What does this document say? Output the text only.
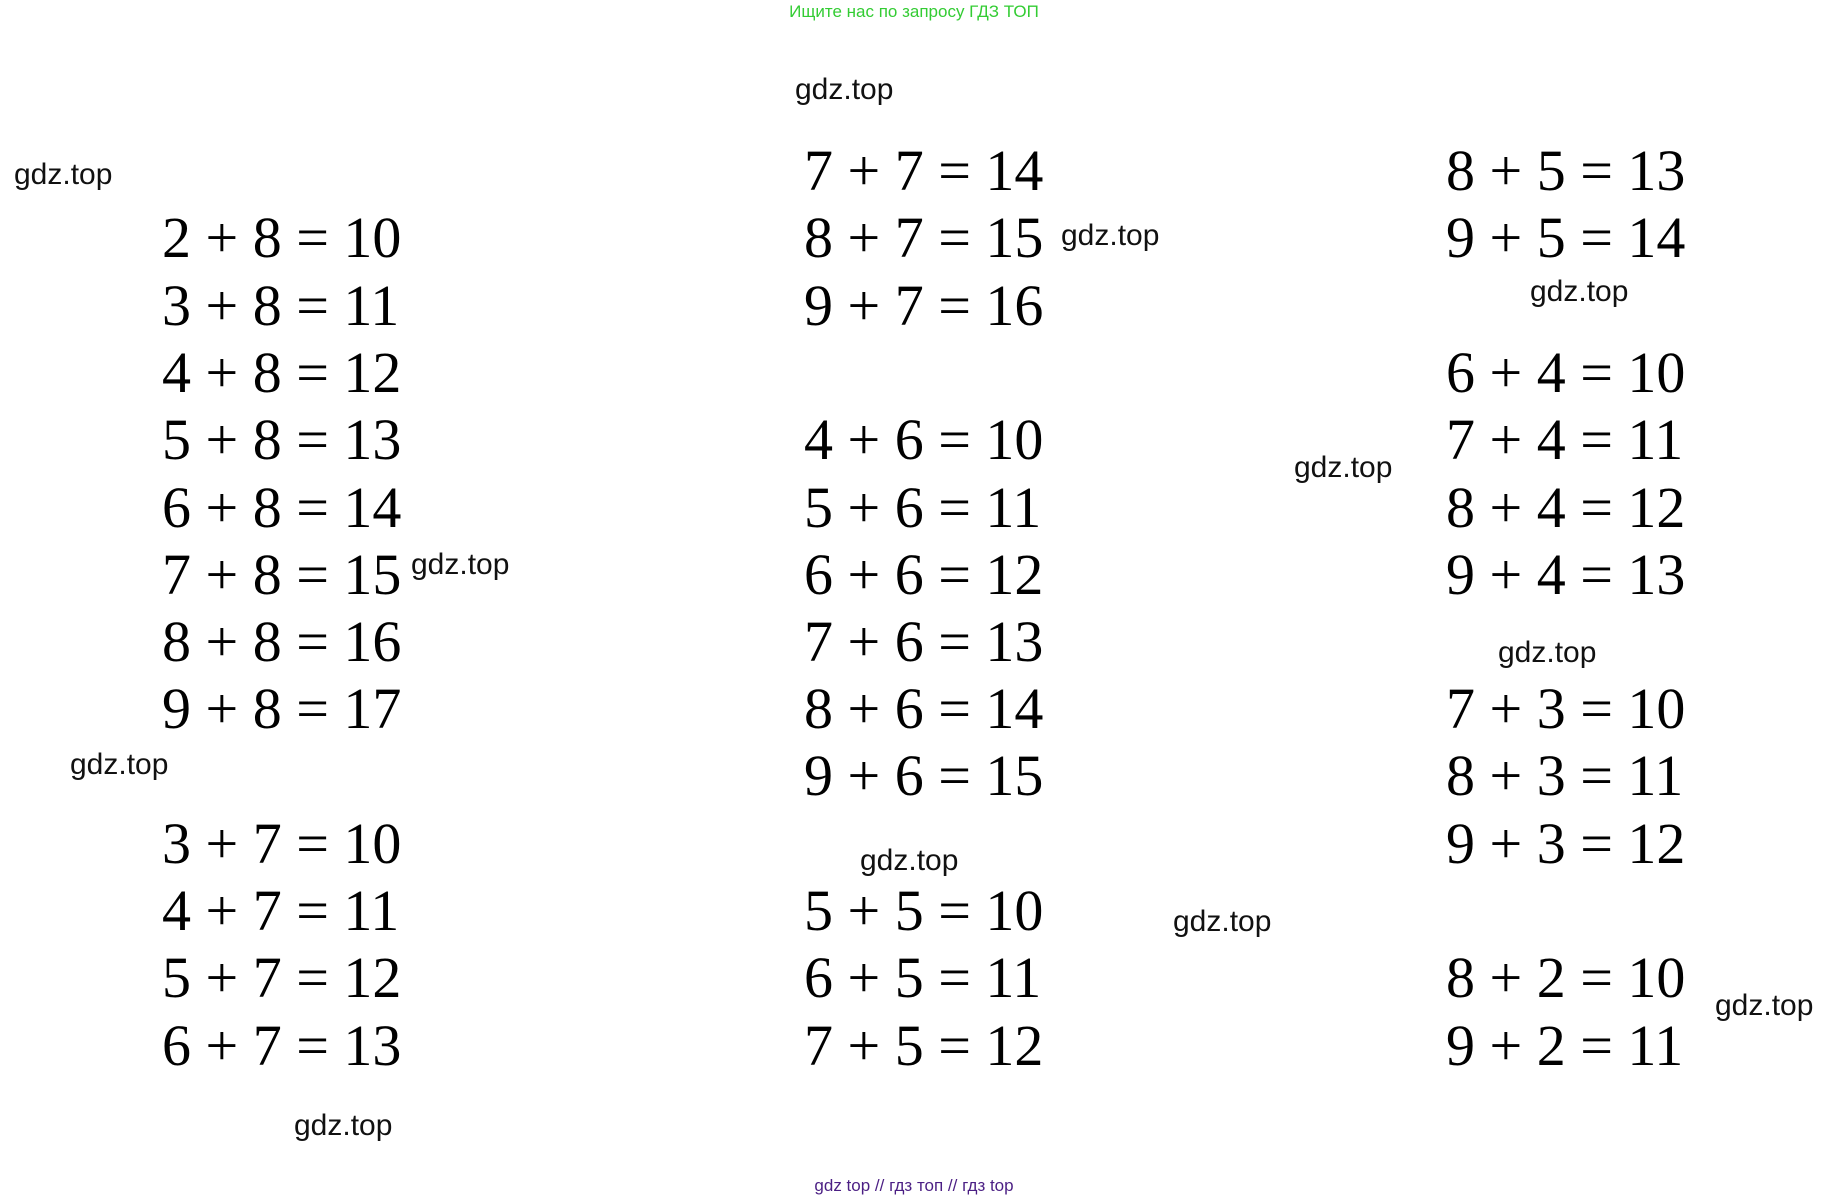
Ищите нас по запросу ГДЗ ТОП
gdz.top
gdz.top
gdz.top
gdz.top
gdz.top
gdz.top
gdz.top
gdz.top
gdz.top
gdz.top
gdz.top
gdz.top
2 + 8 = 10
3 + 8 = 11
4 + 8 = 12
5 + 8 = 13
6 + 8 = 14
7 + 8 = 15
8 + 8 = 16
9 + 8 = 17
3 + 7 = 10
4 + 7 = 11
5 + 7 = 12
6 + 7 = 13
7 + 7 = 14
8 + 7 = 15
9 + 7 = 16
4 + 6 = 10
5 + 6 = 11
6 + 6 = 12
7 + 6 = 13
8 + 6 = 14
9 + 6 = 15
5 + 5 = 10
6 + 5 = 11
7 + 5 = 12
8 + 5 = 13
9 + 5 = 14
6 + 4 = 10
7 + 4 = 11
8 + 4 = 12
9 + 4 = 13
7 + 3 = 10
8 + 3 = 11
9 + 3 = 12
8 + 2 = 10
9 + 2 = 11
gdz top // гдз топ // гдз top
